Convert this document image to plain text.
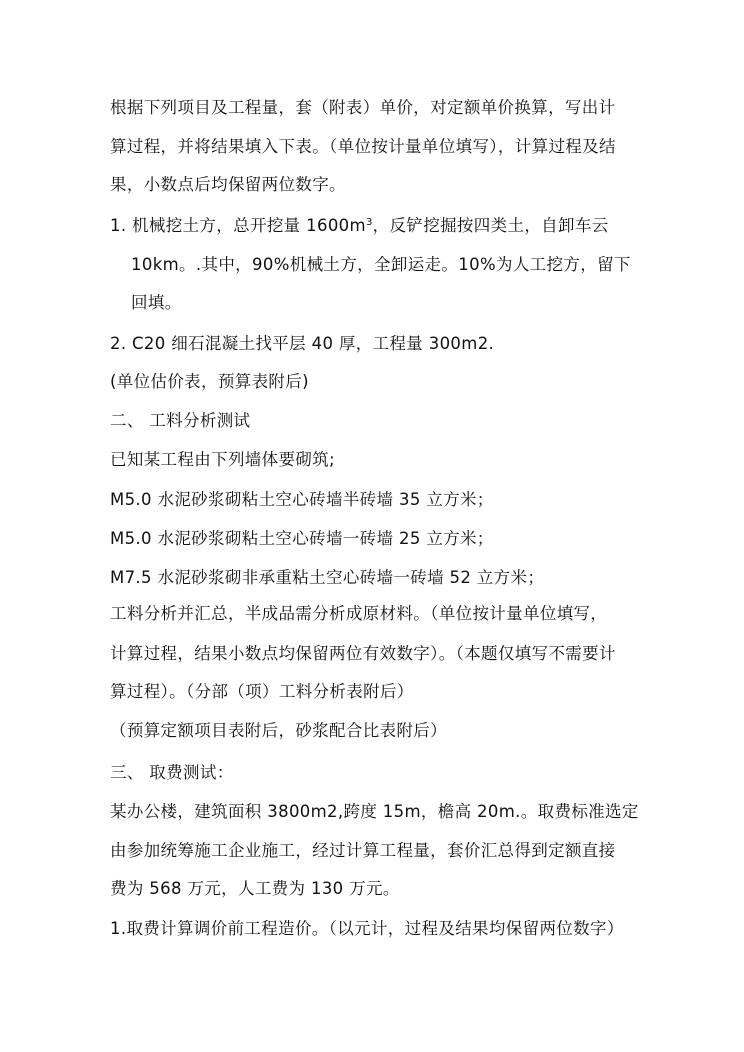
根据下列项目及工程量，套（附表）单价，对定额单价换算，写出计
算过程，并将结果填入下表。（单位按计量单位填写），计算过程及结
果，小数点后均保留两位数字。
1. 机械挖土方，总开挖量 $1600m^3$，反铲挖掘按四类土，自卸车云
10km。.其中，90%机械土方，全卸运走。10%为人工挖方，留下
回填。
2. C20 细石混凝土找平层 40 厚，工程量 300m2.
(单位估价表，预算表附后)
二、 工料分析测试
已知某工程由下列墙体要砌筑;
M5.0 水泥砂浆砌粘土空心砖墙半砖墙 35 立方米；
M5.0 水泥砂浆砌粘土空心砖墙一砖墙 25 立方米；
M7.5 水泥砂浆砌非承重粘土空心砖墙一砖墙 52 立方米；
工料分析并汇总，半成品需分析成原材料。（单位按计量单位填写，
计算过程，结果小数点均保留两位有效数字）。（本题仅填写不需要计
算过程）。（分部（项）工料分析表附后）
（预算定额项目表附后，砂浆配合比表附后）
三、 取费测试：
某办公楼，建筑面积 3800m2,跨度 15m，檐高 20m.。取费标准选定
由参加统筹施工企业施工，经过计算工程量，套价汇总得到定额直接
费为 568 万元，人工费为 130 万元。
1.取费计算调价前工程造价。（以元计，过程及结果均保留两位数字）
